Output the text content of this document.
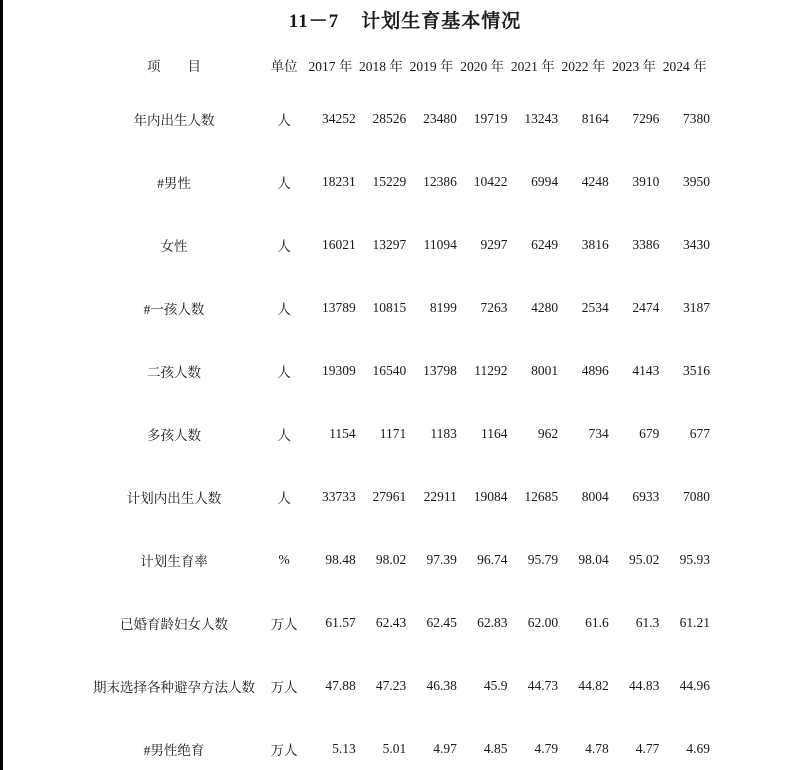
11－7 计划生育基本情况
项　　目	单位	2017 年	2018 年	2019 年	2020 年	2021 年	2022 年	2023 年	2024 年
年内出生人数	人	34252	28526	23480	19719	13243	8164	7296	7380
#男性	人	18231	15229	12386	10422	6994	4248	3910	3950
女性	人	16021	13297	11094	9297	6249	3816	3386	3430
#一孩人数	人	13789	10815	8199	7263	4280	2534	2474	3187
二孩人数	人	19309	16540	13798	11292	8001	4896	4143	3516
多孩人数	人	1154	1171	1183	1164	962	734	679	677
计划内出生人数	人	33733	27961	22911	19084	12685	8004	6933	7080
计划生育率	%	98.48	98.02	97.39	96.74	95.79	98.04	95.02	95.93
已婚育龄妇女人数	万人	61.57	62.43	62.45	62.83	62.00	61.6	61.3	61.21
期末选择各种避孕方法人数	万人	47.88	47.23	46.38	45.9	44.73	44.82	44.83	44.96
#男性绝育	万人	5.13	5.01	4.97	4.85	4.79	4.78	4.77	4.69
